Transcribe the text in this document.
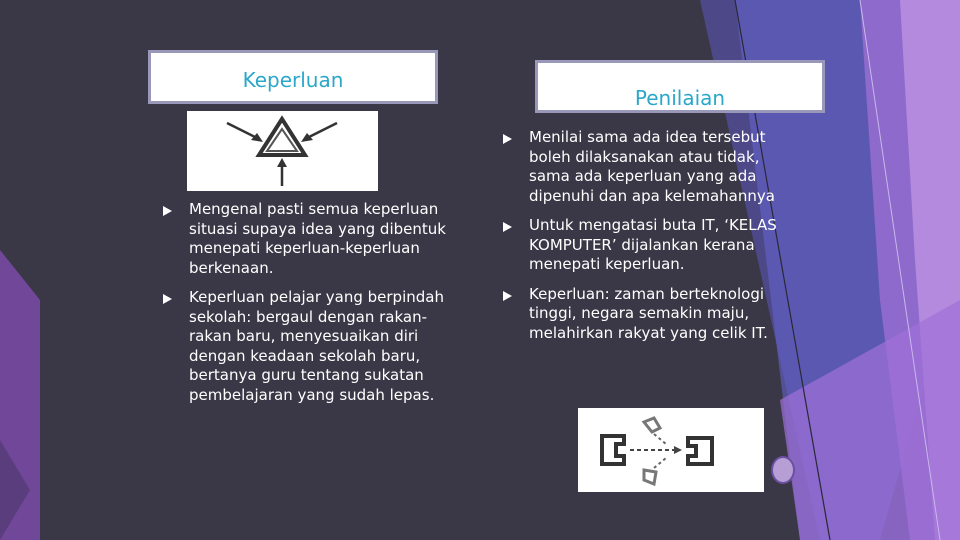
Keperluan
Penilaian
Mengenal pasti semua keperluan situasi supaya idea yang dibentuk menepati keperluan-keperluan berkenaan.
Keperluan pelajar yang berpindah sekolah: bergaul dengan rakan-rakan baru, menyesuaikan diri dengan keadaan sekolah baru, bertanya guru tentang sukatan pembelajaran yang sudah lepas.
Menilai sama ada idea tersebut boleh dilaksanakan atau tidak, sama ada keperluan yang ada dipenuhi dan apa kelemahannya
Untuk mengatasi buta IT, ‘KELAS KOMPUTER’ dijalankan kerana menepati keperluan.
Keperluan: zaman berteknologi tinggi, negara semakin maju, melahirkan rakyat yang celik IT.
